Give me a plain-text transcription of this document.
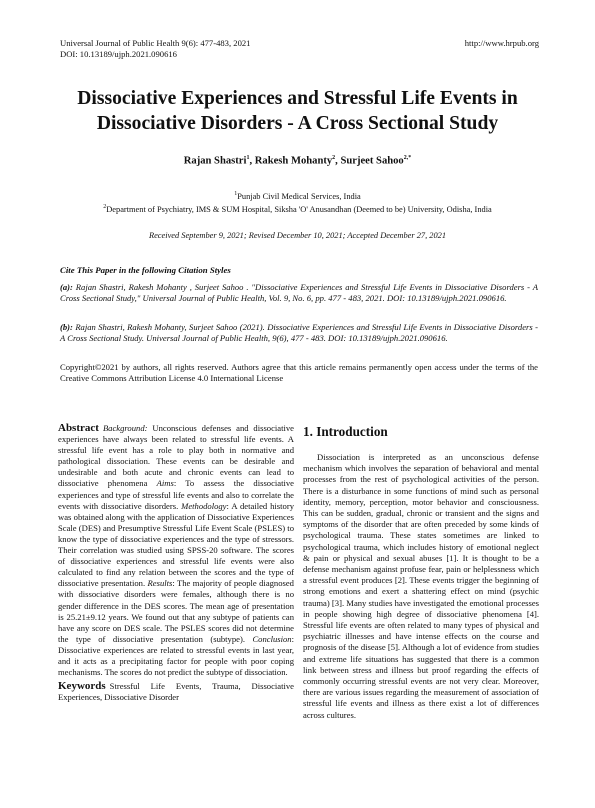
Universal Journal of Public Health 9(6): 477-483, 2021
DOI: 10.13189/ujph.2021.090616
http://www.hrpub.org
Dissociative Experiences and Stressful Life Events in
Dissociative Disorders - A Cross Sectional Study
Rajan Shastri$^1$, Rakesh Mohanty$^2$, Surjeet Sahoo$^{2,*}$
$^1$Punjab Civil Medical Services, India
$^2$Department of Psychiatry, IMS & SUM Hospital, Siksha 'O' Anusandhan (Deemed to be) University, Odisha, India
Received September 9, 2021; Revised December 10, 2021; Accepted December 27, 2021
Cite This Paper in the following Citation Styles
(a): Rajan Shastri, Rakesh Mohanty , Surjeet Sahoo . "Dissociative Experiences and Stressful Life Events in Dissociative Disorders - A Cross Sectional Study," Universal Journal of Public Health, Vol. 9, No. 6, pp. 477 - 483, 2021. DOI: 10.13189/ujph.2021.090616.
(b): Rajan Shastri, Rakesh Mohanty, Surjeet Sahoo (2021). Dissociative Experiences and Stressful Life Events in Dissociative Disorders - A Cross Sectional Study. Universal Journal of Public Health, 9(6), 477 - 483. DOI: 10.13189/ujph.2021.090616.
Copyright©2021 by authors, all rights reserved. Authors agree that this article remains permanently open access under the terms of the Creative Commons Attribution License 4.0 International License
Abstract Background: Unconscious defenses and dissociative experiences have always been related to stressful life events. A stressful life event has a role to play both in normative and pathological dissociation. These events can be desirable and undesirable and both acute and chronic events can lead to dissociative phenomena Aims: To assess the dissociative experiences and type of stressful life events and also to correlate the events with dissociative disorders. Methodology: A detailed history was obtained along with the application of Dissociative Experiences Scale (DES) and Presumptive Stressful Life Event Scale (PSLES) to know the type of dissociative experiences and the type of stressors. Their correlation was studied using SPSS-20 software. The scores of dissociative experiences and stressful life events were also calculated to find any relation between the scores and the type of dissociative presentation. Results: The majority of people diagnosed with dissociative disorders were females, although there is no gender difference in the DES scores. The mean age of presentation is 25.21±9.12 years. We found out that any subtype of patients can have any score on DES scale. The PSLES scores did not determine the type of dissociative presentation (subtype). Conclusion: Dissociative experiences are related to stressful events in last year, and it acts as a precipitating factor for people with poor coping mechanisms. The scores do not predict the subtype of dissociation.
Keywords Stressful Life Events, Trauma, Dissociative Experiences, Dissociative Disorder
1. Introduction

Dissociation is interpreted as an unconscious defense mechanism which involves the separation of behavioral and mental processes from the rest of psychological activities of the person. There is a disturbance in some functions of mind such as personal identity, memory, perception, motor behavior and consciousness. This can be sudden, gradual, chronic or transient and the signs and symptoms of the disorder that are often preceded by some kinds of psychological trauma. These states sometimes are linked to psychological trauma, which includes history of emotional neglect & pain or physical and sexual abuses [1]. It is thought to be a defense mechanism against profuse fear, pain or helplessness which a stressful event produces [2]. These events trigger the beginning of strong emotions and exert a shattering effect on mind (psychic trauma) [3]. Many studies have investigated the emotional processes in people showing high degree of dissociative phenomena [4]. Stressful life events are often related to many types of physical and psychiatric illnesses and have intense effects on the course and prognosis of the disease [5]. Although a lot of evidence from studies and extreme life situations has suggested that there is a common link between stress and illness but proof regarding the effects of commonly occurring stressful events are not very clear. Moreover, there are various issues regarding the measurement of association of stressful life events and illness as there exist a lot of differences across cultures.
